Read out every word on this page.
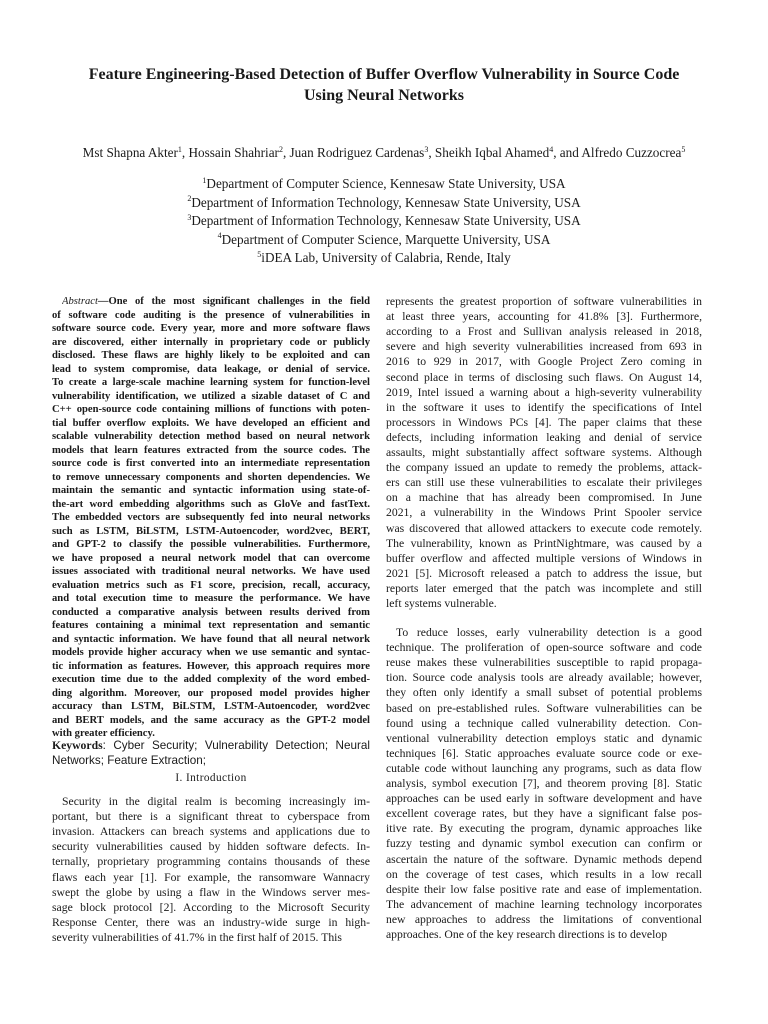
Feature Engineering-Based Detection of Buffer Overflow Vulnerability in Source Code
Using Neural Networks
Mst Shapna Akter$^1$, Hossain Shahriar$^2$, Juan Rodriguez Cardenas$^3$, Sheikh Iqbal Ahamed$^4$, and Alfredo Cuzzocrea$^5$
$^1$Department of Computer Science, Kennesaw State University, USA
$^2$Department of Information Technology, Kennesaw State University, USA
$^3$Department of Information Technology, Kennesaw State University, USA
$^4$Department of Computer Science, Marquette University, USA
$^5$iDEA Lab, University of Calabria, Rende, Italy
Abstract—One of the most significant challenges in the field
of software code auditing is the presence of vulnerabilities in
software source code. Every year, more and more software flaws
are discovered, either internally in proprietary code or publicly
disclosed. These flaws are highly likely to be exploited and can
lead to system compromise, data leakage, or denial of service.
To create a large-scale machine learning system for function-level
vulnerability identification, we utilized a sizable dataset of C and
C++ open-source code containing millions of functions with poten-
tial buffer overflow exploits. We have developed an efficient and
scalable vulnerability detection method based on neural network
models that learn features extracted from the source codes. The
source code is first converted into an intermediate representation
to remove unnecessary components and shorten dependencies. We
maintain the semantic and syntactic information using state-of-
the-art word embedding algorithms such as GloVe and fastText.
The embedded vectors are subsequently fed into neural networks
such as LSTM, BiLSTM, LSTM-Autoencoder, word2vec, BERT,
and GPT-2 to classify the possible vulnerabilities. Furthermore,
we have proposed a neural network model that can overcome
issues associated with traditional neural networks. We have used
evaluation metrics such as F1 score, precision, recall, accuracy,
and total execution time to measure the performance. We have
conducted a comparative analysis between results derived from
features containing a minimal text representation and semantic
and syntactic information. We have found that all neural network
models provide higher accuracy when we use semantic and syntac-
tic information as features. However, this approach requires more
execution time due to the added complexity of the word embed-
ding algorithm. Moreover, our proposed model provides higher
accuracy than LSTM, BiLSTM, LSTM-Autoencoder, word2vec
and BERT models, and the same accuracy as the GPT-2 model
with greater efficiency.
Keywords: Cyber Security; Vulnerability Detection; Neural
Networks; Feature Extraction;
I. Introduction
Security in the digital realm is becoming increasingly im-
portant, but there is a significant threat to cyberspace from
invasion. Attackers can breach systems and applications due to
security vulnerabilities caused by hidden software defects. In-
ternally, proprietary programming contains thousands of these
flaws each year [1]. For example, the ransomware Wannacry
swept the globe by using a flaw in the Windows server mes-
sage block protocol [2]. According to the Microsoft Security
Response Center, there was an industry-wide surge in high-
severity vulnerabilities of 41.7% in the first half of 2015. This
represents the greatest proportion of software vulnerabilities in
at least three years, accounting for 41.8% [3]. Furthermore,
according to a Frost and Sullivan analysis released in 2018,
severe and high severity vulnerabilities increased from 693 in
2016 to 929 in 2017, with Google Project Zero coming in
second place in terms of disclosing such flaws. On August 14,
2019, Intel issued a warning about a high-severity vulnerability
in the software it uses to identify the specifications of Intel
processors in Windows PCs [4]. The paper claims that these
defects, including information leaking and denial of service
assaults, might substantially affect software systems. Although
the company issued an update to remedy the problems, attack-
ers can still use these vulnerabilities to escalate their privileges
on a machine that has already been compromised. In June
2021, a vulnerability in the Windows Print Spooler service
was discovered that allowed attackers to execute code remotely.
The vulnerability, known as PrintNightmare, was caused by a
buffer overflow and affected multiple versions of Windows in
2021 [5]. Microsoft released a patch to address the issue, but
reports later emerged that the patch was incomplete and still
left systems vulnerable.
To reduce losses, early vulnerability detection is a good
technique. The proliferation of open-source software and code
reuse makes these vulnerabilities susceptible to rapid propaga-
tion. Source code analysis tools are already available; however,
they often only identify a small subset of potential problems
based on pre-established rules. Software vulnerabilities can be
found using a technique called vulnerability detection. Con-
ventional vulnerability detection employs static and dynamic
techniques [6]. Static approaches evaluate source code or exe-
cutable code without launching any programs, such as data flow
analysis, symbol execution [7], and theorem proving [8]. Static
approaches can be used early in software development and have
excellent coverage rates, but they have a significant false pos-
itive rate. By executing the program, dynamic approaches like
fuzzy testing and dynamic symbol execution can confirm or
ascertain the nature of the software. Dynamic methods depend
on the coverage of test cases, which results in a low recall
despite their low false positive rate and ease of implementation.
The advancement of machine learning technology incorporates
new approaches to address the limitations of conventional
approaches. One of the key research directions is to develop
